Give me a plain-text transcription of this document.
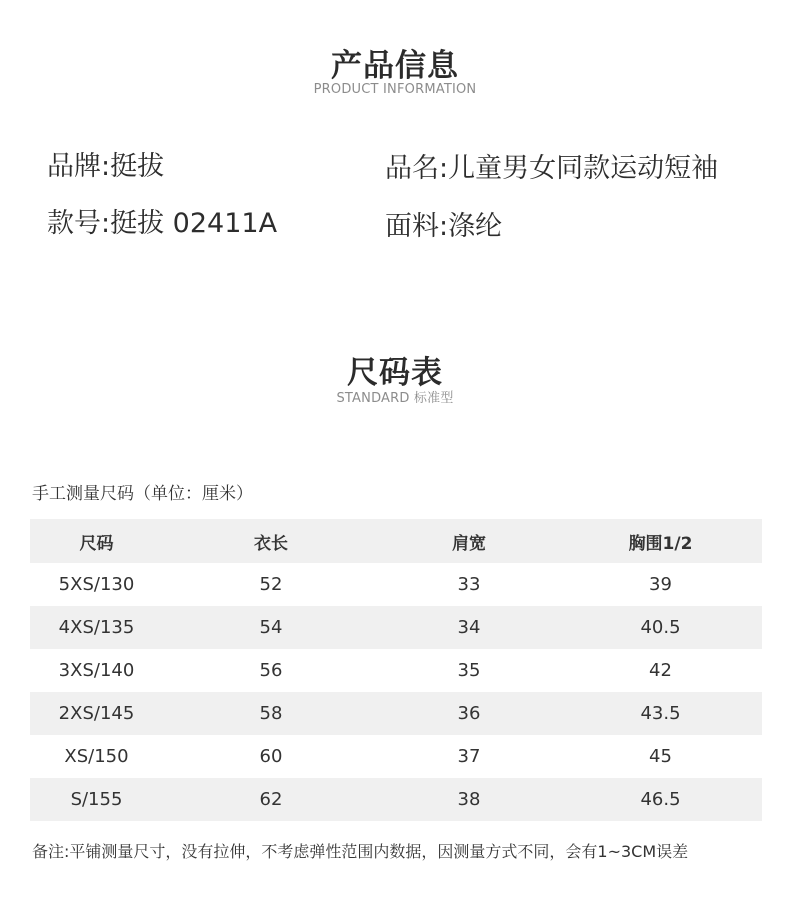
产品信息
PRODUCT INFORMATION
品牌:挺拔	品名:儿童男女同款运动短袖
款号:挺拔 02411A	面料:涤纶
尺码表
STANDARD 标准型
手工测量尺码（单位：厘米）
尺码	衣长	肩宽	胸围1/2
5XS/130	52	33	39
4XS/135	54	34	40.5
3XS/140	56	35	42
2XS/145	58	36	43.5
XS/150	60	37	45
S/155	62	38	46.5
备注:平铺测量尺寸，没有拉伸，不考虑弹性范围内数据，因测量方式不同，会有1~3CM误差
